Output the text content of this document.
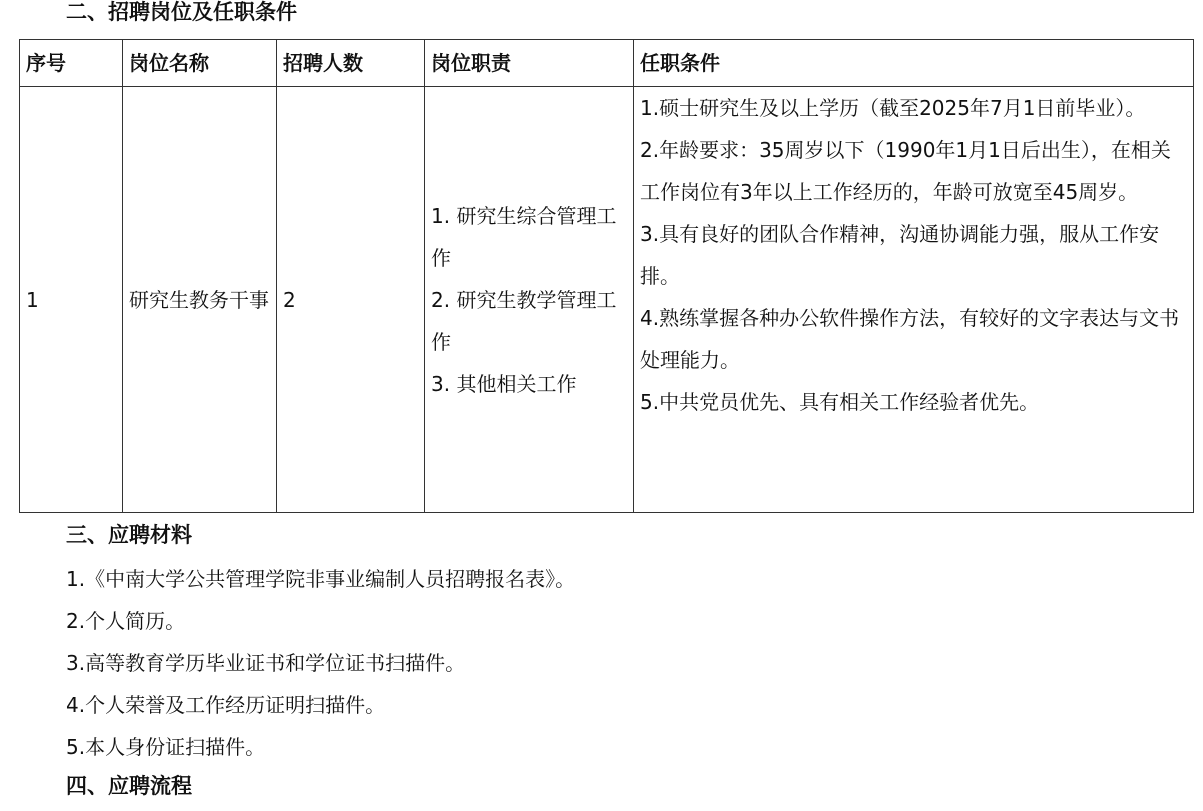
二、招聘岗位及任职条件
序号	岗位名称	招聘人数	岗位职责	任职条件
1	研究生教务干事	2	1. 研究生综合管理工作
2. 研究生教学管理工作
3. 其他相关工作	1.硕士研究生及以上学历（截至2025年7月1日前毕业）。
2.年龄要求：35周岁以下（1990年1月1日后出生），在相关工作岗位有3年以上工作经历的，年龄可放宽至45周岁。
3.具有良好的团队合作精神，沟通协调能力强，服从工作安排。
4.熟练掌握各种办公软件操作方法，有较好的文字表达与文书处理能力。
5.中共党员优先、具有相关工作经验者优先。
三、应聘材料
1.《中南大学公共管理学院非事业编制人员招聘报名表》。
2.个人简历。
3.高等教育学历毕业证书和学位证书扫描件。
4.个人荣誉及工作经历证明扫描件。
5.本人身份证扫描件。
四、应聘流程
